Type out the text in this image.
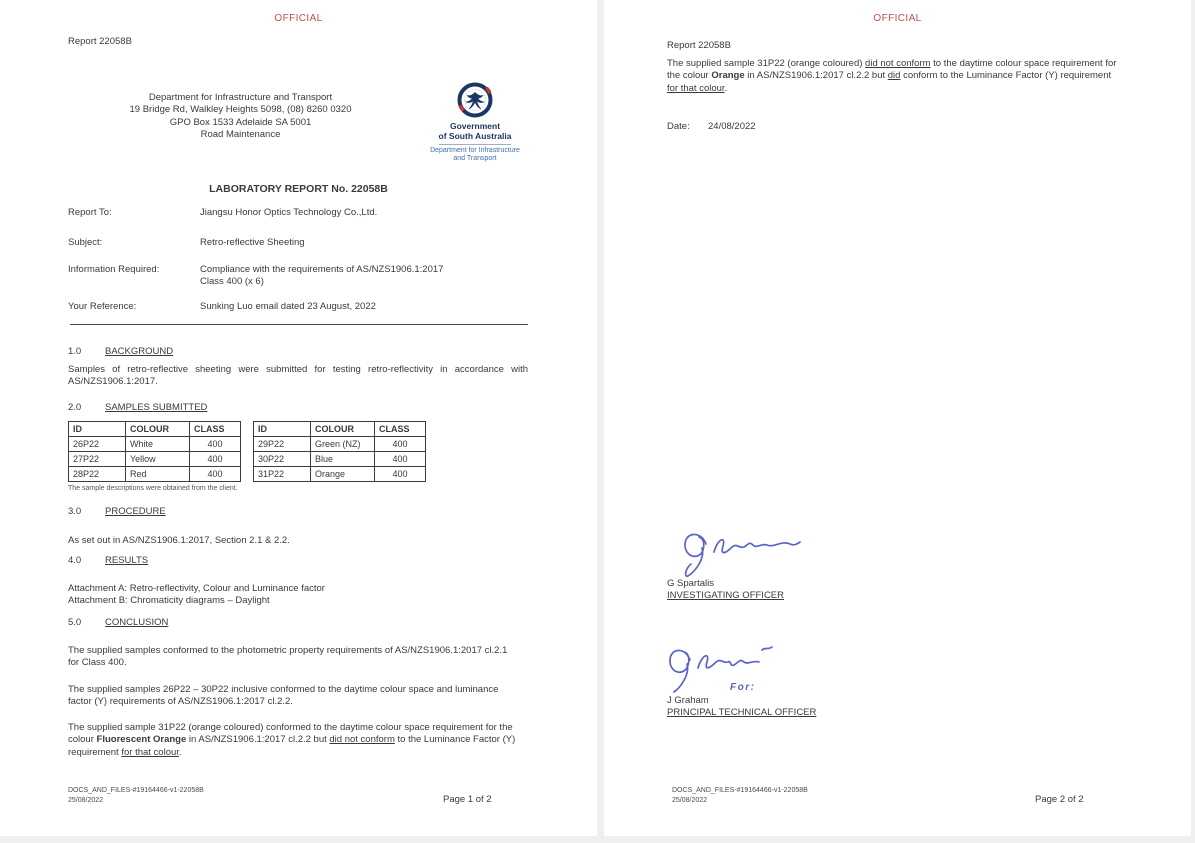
OFFICIAL
Report 22058B
Department for Infrastructure and Transport
19 Bridge Rd, Walkley Heights 5098, (08) 8260 0320
GPO Box 1533 Adelaide SA 5001
Road Maintenance
Government
of South Australia
Department for Infrastructure
and Transport
LABORATORY REPORT No. 22058B
Report To:	Jiangsu Honor Optics Technology Co.,Ltd.
Subject:	Retro-reflective Sheeting
Information Required:	Compliance with the requirements of AS/NZS1906.1:2017
Class 400 (x 6)
Your Reference:	Sunking Luo email dated 23 August, 2022
1.0	BACKGROUND
Samples of retro-reflective sheeting were submitted for testing retro-reflectivity in accordance with AS/NZS1906.1:2017.
2.0	SAMPLES SUBMITTED
ID	COLOUR	CLASS
26P22	White	400
27P22	Yellow	400
28P22	Red	400
ID	COLOUR	CLASS
29P22	Green (NZ)	400
30P22	Blue	400
31P22	Orange	400
The sample descriptions were obtained from the client.
3.0	PROCEDURE
As set out in AS/NZS1906.1:2017, Section 2.1 & 2.2.
4.0	RESULTS
Attachment A: Retro-reflectivity, Colour and Luminance factor
Attachment B: Chromaticity diagrams – Daylight
5.0	CONCLUSION
The supplied samples conformed to the photometric property requirements of AS/NZS1906.1:2017 cl.2.1 for Class 400.
The supplied samples 26P22 – 30P22 inclusive conformed to the daytime colour space and luminance factor (Y) requirements of AS/NZS1906.1:2017 cl.2.2.
The supplied sample 31P22 (orange coloured) conformed to the daytime colour space requirement for the colour Fluorescent Orange in AS/NZS1906.1:2017 cl.2.2 but did not conform to the Luminance Factor (Y) requirement for that colour.
DOCS_AND_FILES-#19164466-v1-22058B
25/08/2022	Page 1 of 2
OFFICIAL
Report 22058B
The supplied sample 31P22 (orange coloured) did not conform to the daytime colour space requirement for the colour Orange in AS/NZS1906.1:2017 cl.2.2 but did conform to the Luminance Factor (Y) requirement for that colour.
Date: 24/08/2022
G Spartalis
INVESTIGATING OFFICER
For:
J Graham
PRINCIPAL TECHNICAL OFFICER
DOCS_AND_FILES-#19164466-v1-22058B
25/08/2022	Page 2 of 2
